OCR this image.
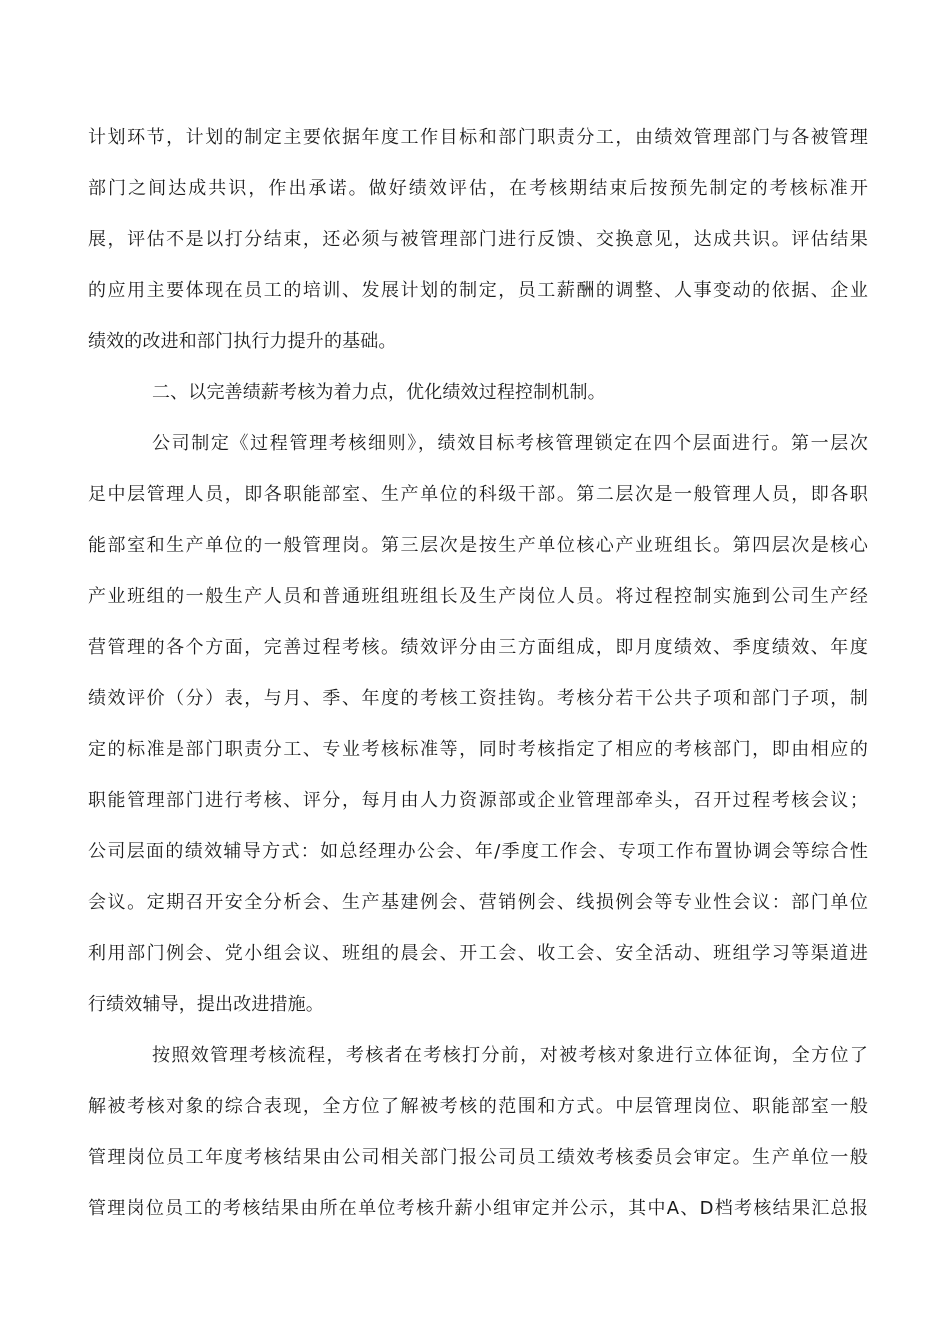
计划环节，计划的制定主要依据年度工作目标和部门职责分工，由绩效管理部门与各被管理
部门之间达成共识，作出承诺。做好绩效评估，在考核期结束后按预先制定的考核标准开
展，评估不是以打分结束，还必须与被管理部门进行反馈、交换意见，达成共识。评估结果
的应用主要体现在员工的培训、发展计划的制定，员工薪酬的调整、人事变动的依据、企业
绩效的改进和部门执行力提升的基础。
二、以完善绩薪考核为着力点，优化绩效过程控制机制。
公司制定《过程管理考核细则》，绩效目标考核管理锁定在四个层面进行。第一层次
足中层管理人员，即各职能部室、生产单位的科级干部。第二层次是一般管理人员，即各职
能部室和生产单位的一般管理岗。第三层次是按生产单位核心产业班组长。第四层次是核心
产业班组的一般生产人员和普通班组班组长及生产岗位人员。将过程控制实施到公司生产经
营管理的各个方面，完善过程考核。绩效评分由三方面组成，即月度绩效、季度绩效、年度
绩效评价（分）表，与月、季、年度的考核工资挂钩。考核分若干公共子项和部门子项，制
定的标准是部门职责分工、专业考核标准等，同时考核指定了相应的考核部门，即由相应的
职能管理部门进行考核、评分，每月由人力资源部或企业管理部牵头，召开过程考核会议；
公司层面的绩效辅导方式：如总经理办公会、年/季度工作会、专项工作布置协调会等综合性
会议。定期召开安全分析会、生产基建例会、营销例会、线损例会等专业性会议：部门单位
利用部门例会、党小组会议、班组的晨会、开工会、收工会、安全活动、班组学习等渠道进
行绩效辅导，提出改进措施。
按照效管理考核流程，考核者在考核打分前，对被考核对象进行立体征询，全方位了
解被考核对象的综合表现，全方位了解被考核的范围和方式。中层管理岗位、职能部室一般
管理岗位员工年度考核结果由公司相关部门报公司员工绩效考核委员会审定。生产单位一般
管理岗位员工的考核结果由所在单位考核升薪小组审定并公示，其中A、D档考核结果汇总报
